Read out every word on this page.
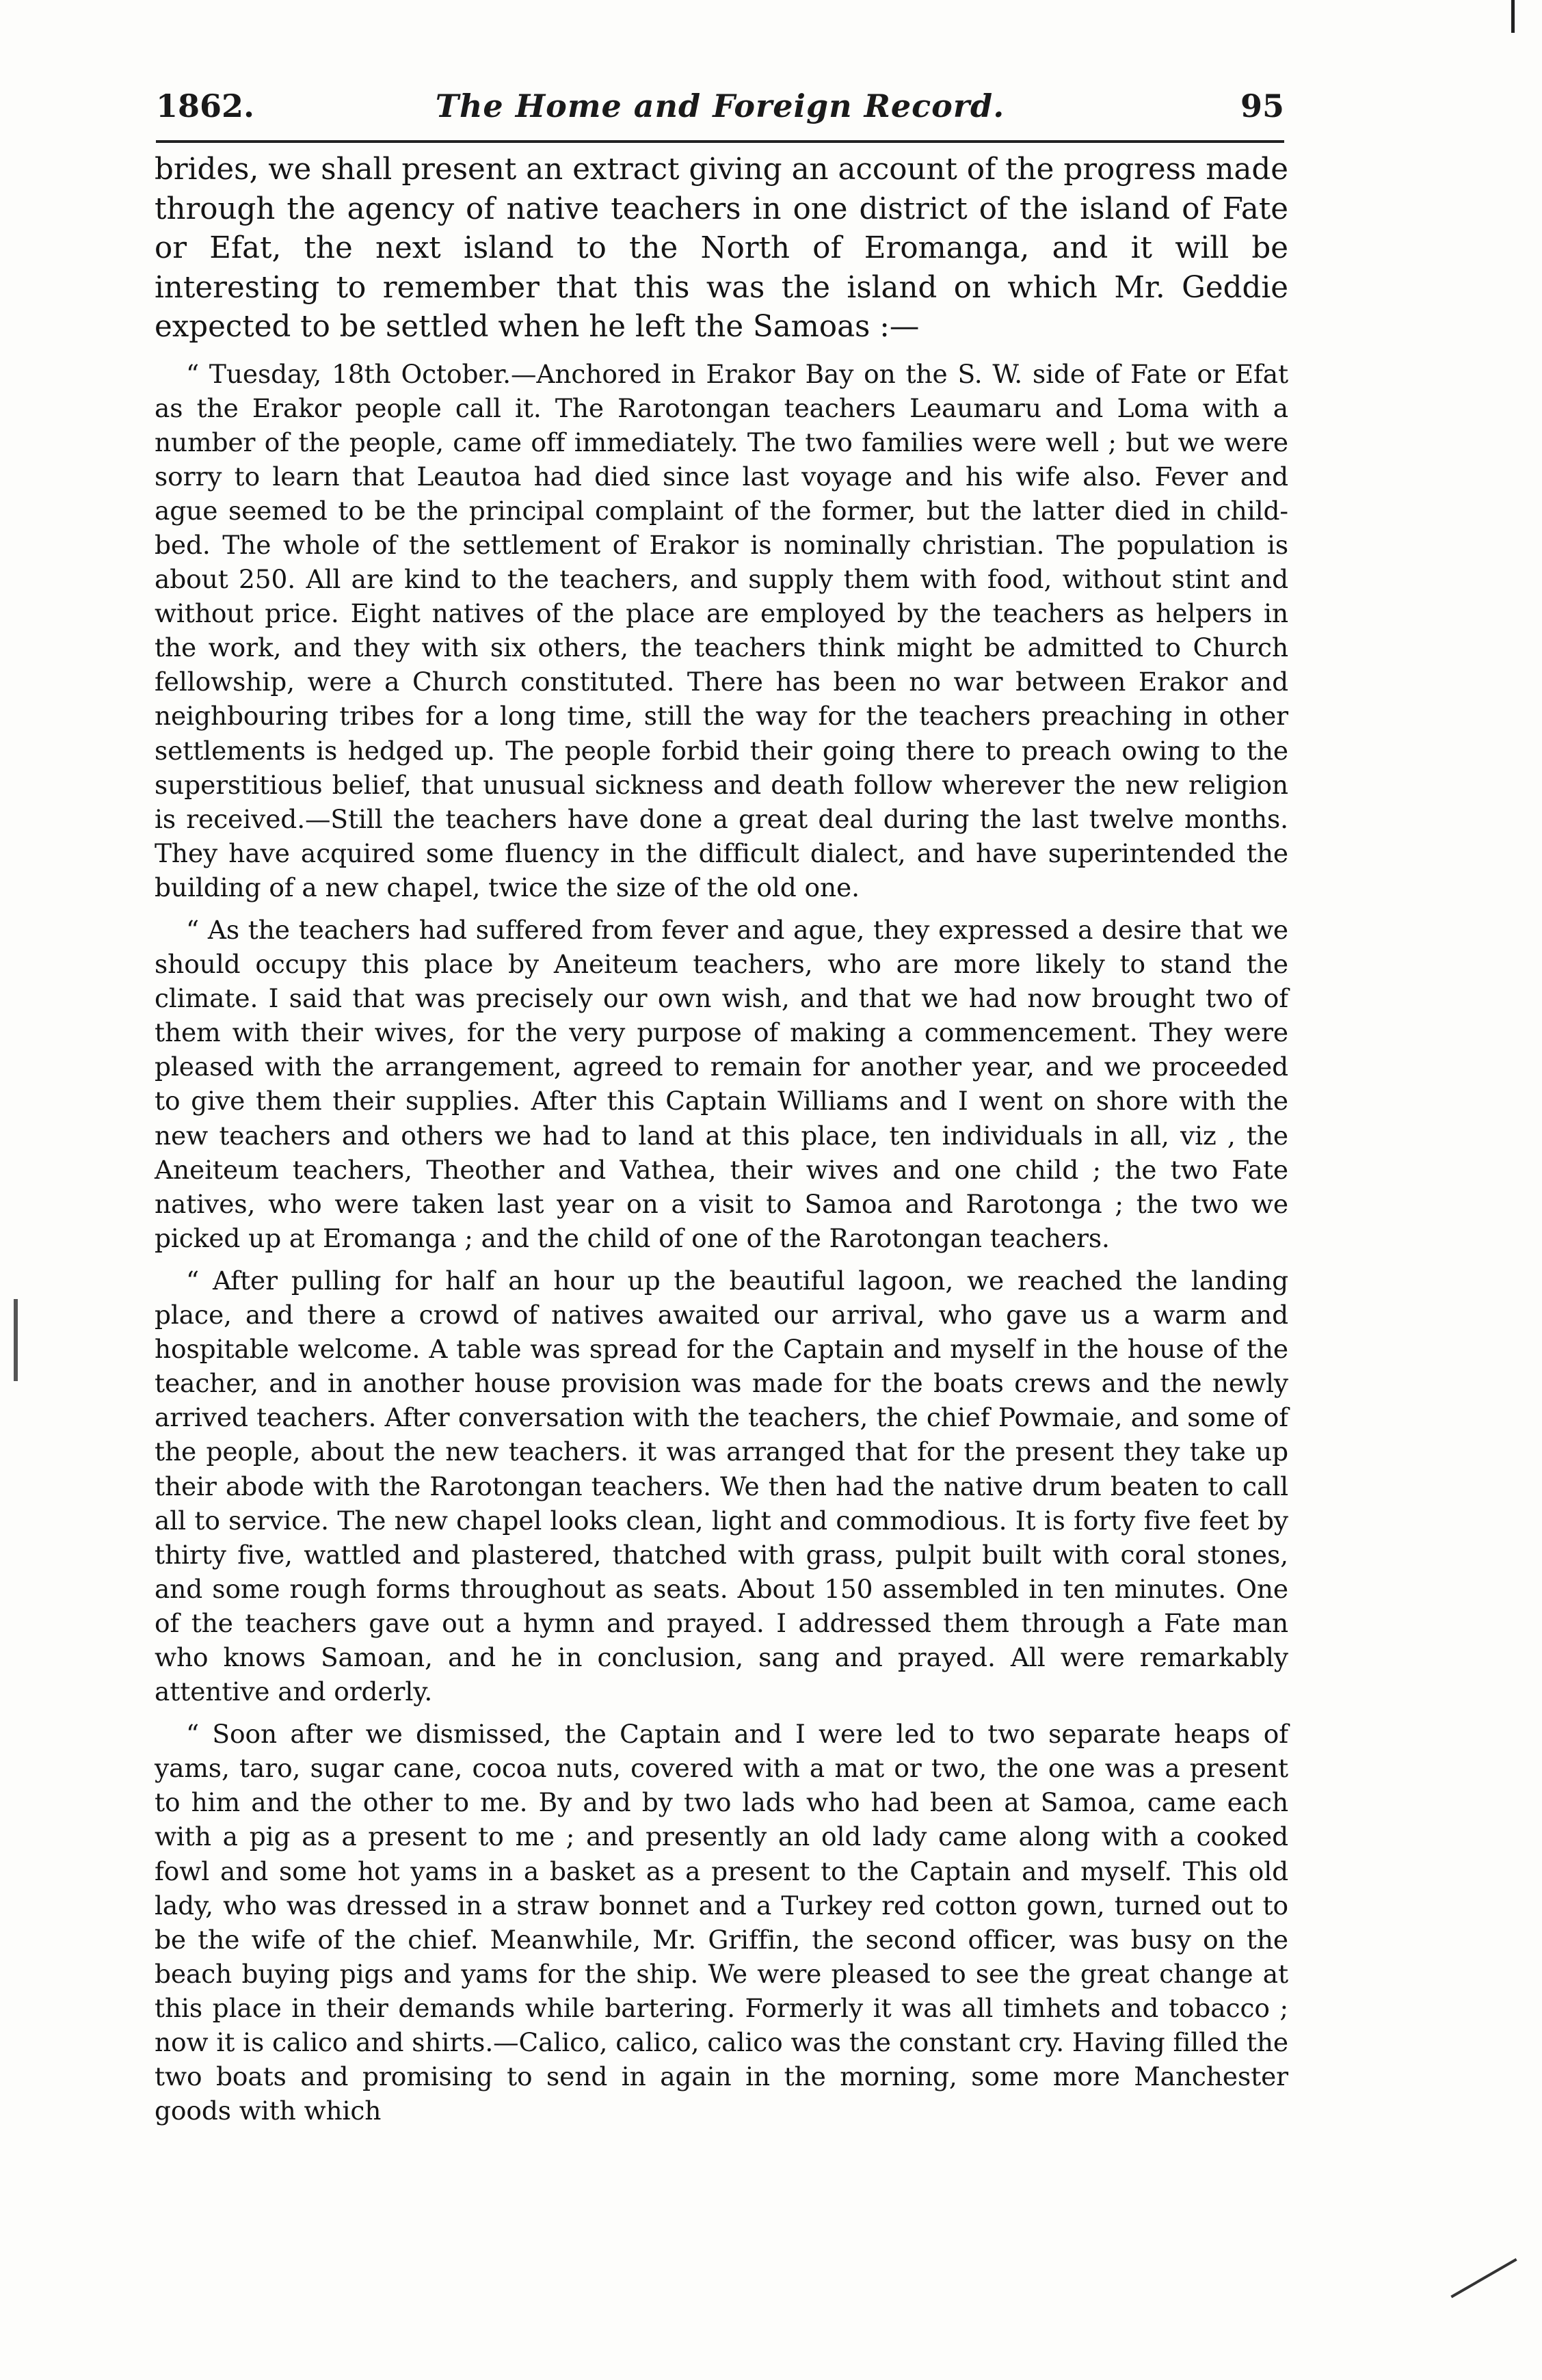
1862.	The Home and Foreign Record.	95

brides, we shall present an extract giving an account of the progress made through the agency of native teachers in one district of the island of Fate or Efat, the next island to the North of Eromanga, and it will be interesting to remember that this was the island on which Mr. Geddie expected to be settled when he left the Samoas :—

“ Tuesday, 18th October.—Anchored in Erakor Bay on the S. W. side of Fate or Efat as the Erakor people call it. The Rarotongan teachers Leaumaru and Loma with a number of the people, came off immediately. The two families were well ; but we were sorry to learn that Leautoa had died since last voyage and his wife also. Fever and ague seemed to be the principal complaint of the former, but the latter died in child-bed. The whole of the settlement of Erakor is nominally christian. The population is about 250. All are kind to the teachers, and supply them with food, without stint and without price. Eight natives of the place are employed by the teachers as helpers in the work, and they with six others, the teachers think might be admitted to Church fellowship, were a Church constituted. There has been no war between Erakor and neighbouring tribes for a long time, still the way for the teachers preaching in other settlements is hedged up. The people forbid their going there to preach owing to the superstitious belief, that unusual sickness and death follow wherever the new religion is received.—Still the teachers have done a great deal during the last twelve months. They have acquired some fluency in the difficult dialect, and have superintended the building of a new chapel, twice the size of the old one.

“ As the teachers had suffered from fever and ague, they expressed a desire that we should occupy this place by Aneiteum teachers, who are more likely to stand the climate. I said that was precisely our own wish, and that we had now brought two of them with their wives, for the very purpose of making a commencement. They were pleased with the arrangement, agreed to remain for another year, and we proceeded to give them their supplies. After this Captain Williams and I went on shore with the new teachers and others we had to land at this place, ten individuals in all, viz , the Aneiteum teachers, Theother and Vathea, their wives and one child ; the two Fate natives, who were taken last year on a visit to Samoa and Rarotonga ; the two we picked up at Eromanga ; and the child of one of the Rarotongan teachers.

“ After pulling for half an hour up the beautiful lagoon, we reached the landing place, and there a crowd of natives awaited our arrival, who gave us a warm and hospitable welcome. A table was spread for the Captain and myself in the house of the teacher, and in another house provision was made for the boats crews and the newly arrived teachers. After conversation with the teachers, the chief Powmaie, and some of the people, about the new teachers. it was arranged that for the present they take up their abode with the Rarotongan teachers. We then had the native drum beaten to call all to service. The new chapel looks clean, light and commodious. It is forty five feet by thirty five, wattled and plastered, thatched with grass, pulpit built with coral stones, and some rough forms throughout as seats. About 150 assembled in ten minutes. One of the teachers gave out a hymn and prayed. I addressed them through a Fate man who knows Samoan, and he in conclusion, sang and prayed. All were remarkably attentive and orderly.

“ Soon after we dismissed, the Captain and I were led to two separate heaps of yams, taro, sugar cane, cocoa nuts, covered with a mat or two, the one was a present to him and the other to me. By and by two lads who had been at Samoa, came each with a pig as a present to me ; and presently an old lady came along with a cooked fowl and some hot yams in a basket as a present to the Captain and myself. This old lady, who was dressed in a straw bonnet and a Turkey red cotton gown, turned out to be the wife of the chief. Meanwhile, Mr. Griffin, the second officer, was busy on the beach buying pigs and yams for the ship. We were pleased to see the great change at this place in their demands while bartering. Formerly it was all timhets and tobacco ; now it is calico and shirts.—Calico, calico, calico was the constant cry. Having filled the two boats and promising to send in again in the morning, some more Manchester goods with which
